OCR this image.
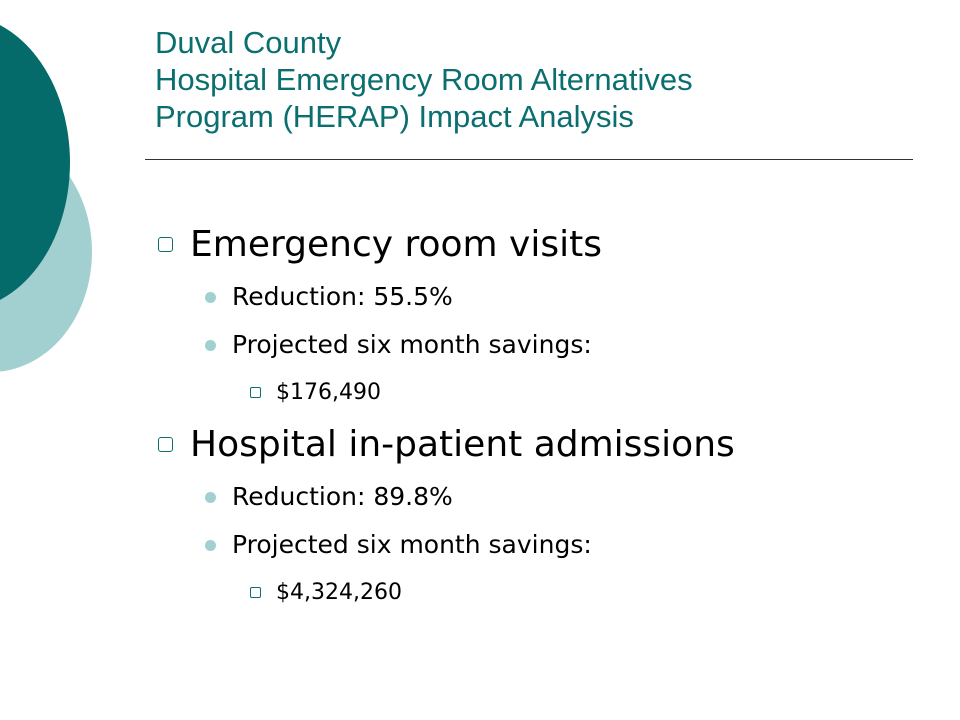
Duval County
Hospital Emergency Room Alternatives
Program (HERAP) Impact Analysis
Emergency room visits
Reduction: 55.5%
Projected six month savings:
$176,490
Hospital in-patient admissions
Reduction: 89.8%
Projected six month savings:
$4,324,260
